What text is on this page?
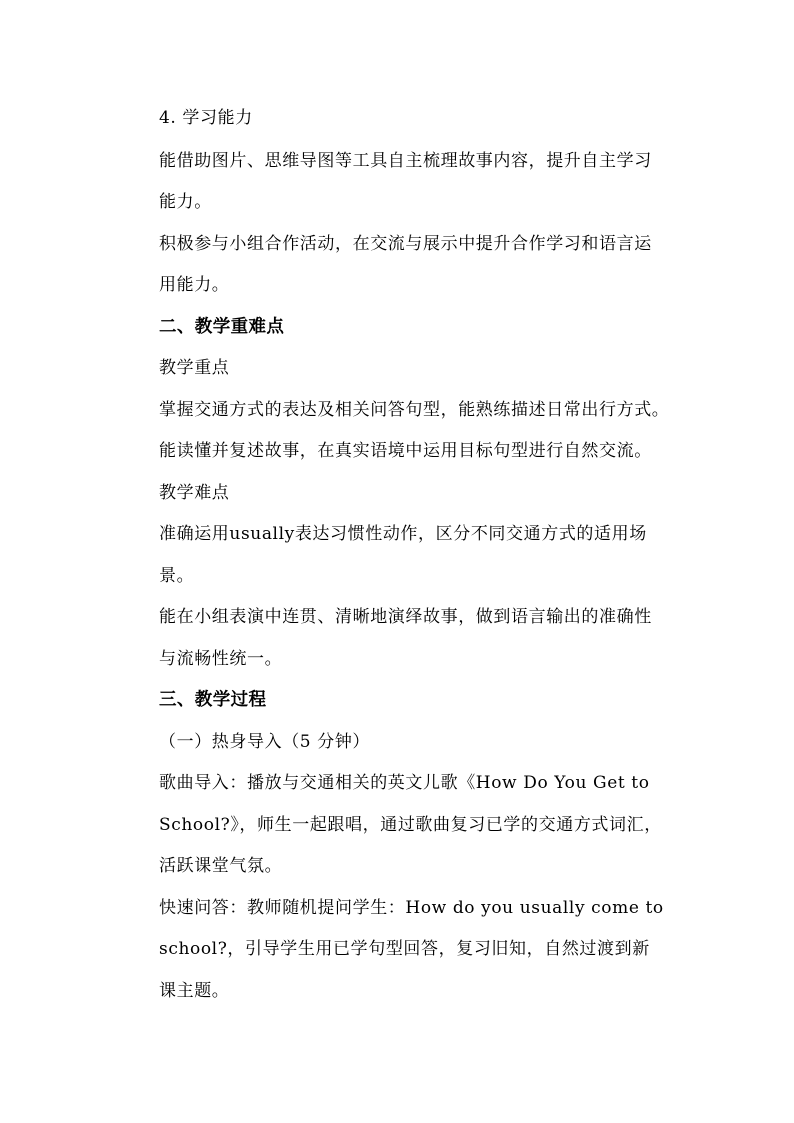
4. 学习能力
能借助图片、思维导图等工具自主梳理故事内容，提升自主学习
能力。
积极参与小组合作活动，在交流与展示中提升合作学习和语言运
用能力。
二、教学重难点
教学重点
掌握交通方式的表达及相关问答句型，能熟练描述日常出行方式。
能读懂并复述故事，在真实语境中运用目标句型进行自然交流。
教学难点
准确运用usually表达习惯性动作，区分不同交通方式的适用场
景。
能在小组表演中连贯、清晰地演绎故事，做到语言输出的准确性
与流畅性统一。
三、教学过程
（一）热身导入（5 分钟）
歌曲导入：播放与交通相关的英文儿歌《How Do You Get to
School?》，师生一起跟唱，通过歌曲复习已学的交通方式词汇，
活跃课堂气氛。
快速问答：教师随机提问学生：How do you usually come to
school?，引导学生用已学句型回答，复习旧知，自然过渡到新
课主题。
